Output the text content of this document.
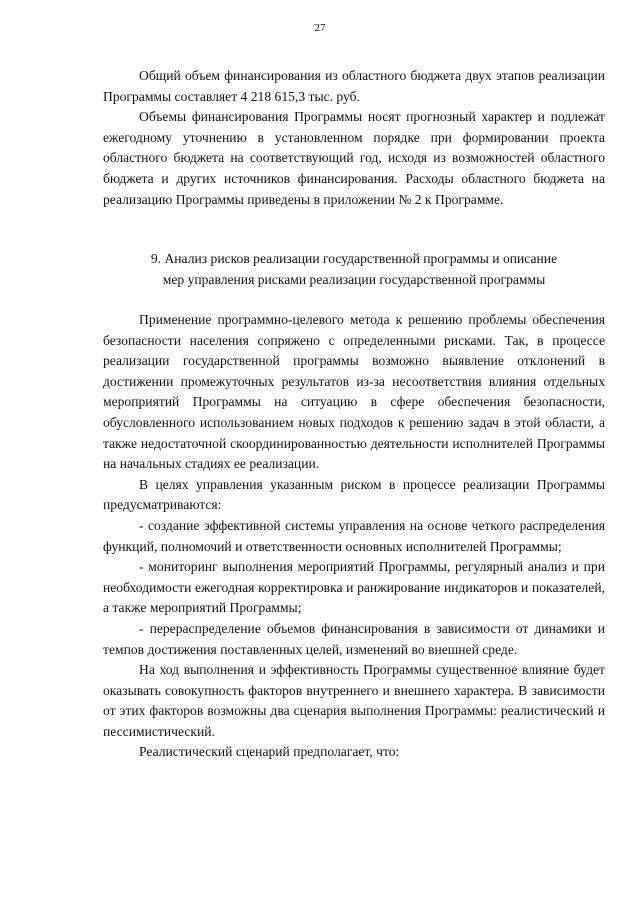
27

Общий объем финансирования из областного бюджета двух этапов реализации Программы составляет 4 218 615,3 тыс. руб.

Объемы финансирования Программы носят прогнозный характер и подлежат ежегодному уточнению в установленном порядке при формировании проекта областного бюджета на соответствующий год, исходя из возможностей областного бюджета и других источников финансирования. Расходы областного бюджета на реализацию Программы приведены в приложении № 2 к Программе.

9. Анализ рисков реализации государственной программы и описание
мер управления рисками реализации государственной программы

Применение программно-целевого метода к решению проблемы обеспечения безопасности населения сопряжено с определенными рисками. Так, в процессе реализации государственной программы возможно выявление отклонений в достижении промежуточных результатов из-за несоответствия влияния отдельных мероприятий Программы на ситуацию в сфере обеспечения безопасности, обусловленного использованием новых подходов к решению задач в этой области, а также недостаточной скоординированностью деятельности исполнителей Программы на начальных стадиях ее реализации.

В целях управления указанным риском в процессе реализации Программы предусматриваются:

- создание эффективной системы управления на основе четкого распределения функций, полномочий и ответственности основных исполнителей Программы;

- мониторинг выполнения мероприятий Программы, регулярный анализ и при необходимости ежегодная корректировка и ранжирование индикаторов и показателей, а также мероприятий Программы;

- перераспределение объемов финансирования в зависимости от динамики и темпов достижения поставленных целей, изменений во внешней среде.

На ход выполнения и эффективность Программы существенное влияние будет оказывать совокупность факторов внутреннего и внешнего характера. В зависимости от этих факторов возможны два сценария выполнения Программы: реалистический и пессимистический.

Реалистический сценарий предполагает, что:
